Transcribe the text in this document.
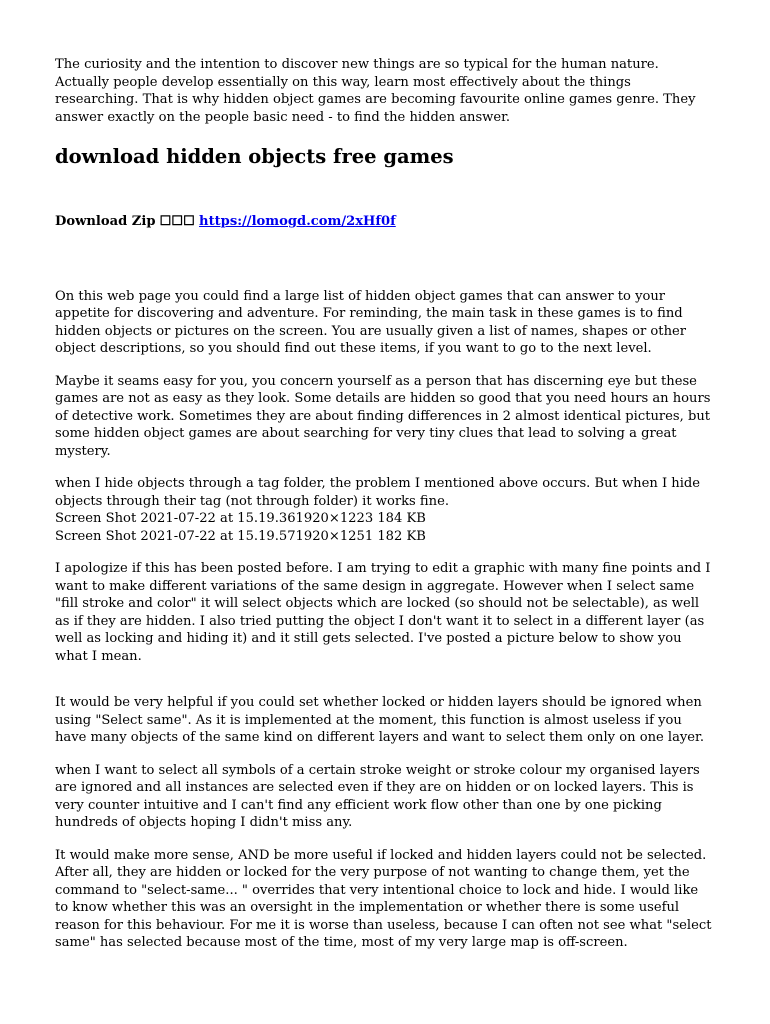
The curiosity and the intention to discover new things are so typical for the human nature. Actually people develop essentially on this way, learn most effectively about the things researching. That is why hidden object games are becoming favourite online games genre. They answer exactly on the people basic need - to find the hidden answer.

download hidden objects free games

Download Zip ☐☐☐ https://lomogd.com/2xHf0f

On this web page you could find a large list of hidden object games that can answer to your appetite for discovering and adventure. For reminding, the main task in these games is to find hidden objects or pictures on the screen. You are usually given a list of names, shapes or other object descriptions, so you should find out these items, if you want to go to the next level.

Maybe it seams easy for you, you concern yourself as a person that has discerning eye but these games are not as easy as they look. Some details are hidden so good that you need hours an hours of detective work. Sometimes they are about finding differences in 2 almost identical pictures, but some hidden object games are about searching for very tiny clues that lead to solving a great mystery.

when I hide objects through a tag folder, the problem I mentioned above occurs. But when I hide objects through their tag (not through folder) it works fine.

Screen Shot 2021-07-22 at 15.19.361920×1223 184 KB

Screen Shot 2021-07-22 at 15.19.571920×1251 182 KB

I apologize if this has been posted before. I am trying to edit a graphic with many fine points and I want to make different variations of the same design in aggregate. However when I select same "fill stroke and color" it will select objects which are locked (so should not be selectable), as well as if they are hidden. I also tried putting the object I don't want it to select in a different layer (as well as locking and hiding it) and it still gets selected. I've posted a picture below to show you what I mean.

It would be very helpful if you could set whether locked or hidden layers should be ignored when using "Select same". As it is implemented at the moment, this function is almost useless if you have many objects of the same kind on different layers and want to select them only on one layer.

when I want to select all symbols of a certain stroke weight or stroke colour my organised layers are ignored and all instances are selected even if they are on hidden or on locked layers. This is very counter intuitive and I can't find any efficient work flow other than one by one picking hundreds of objects hoping I didn't miss any.

It would make more sense, AND be more useful if locked and hidden layers could not be selected. After all, they are hidden or locked for the very purpose of not wanting to change them, yet the command to "select-same... " overrides that very intentional choice to lock and hide. I would like to know whether this was an oversight in the implementation or whether there is some useful reason for this behaviour. For me it is worse than useless, because I can often not see what "select same" has selected because most of the time, most of my very large map is off-screen.
